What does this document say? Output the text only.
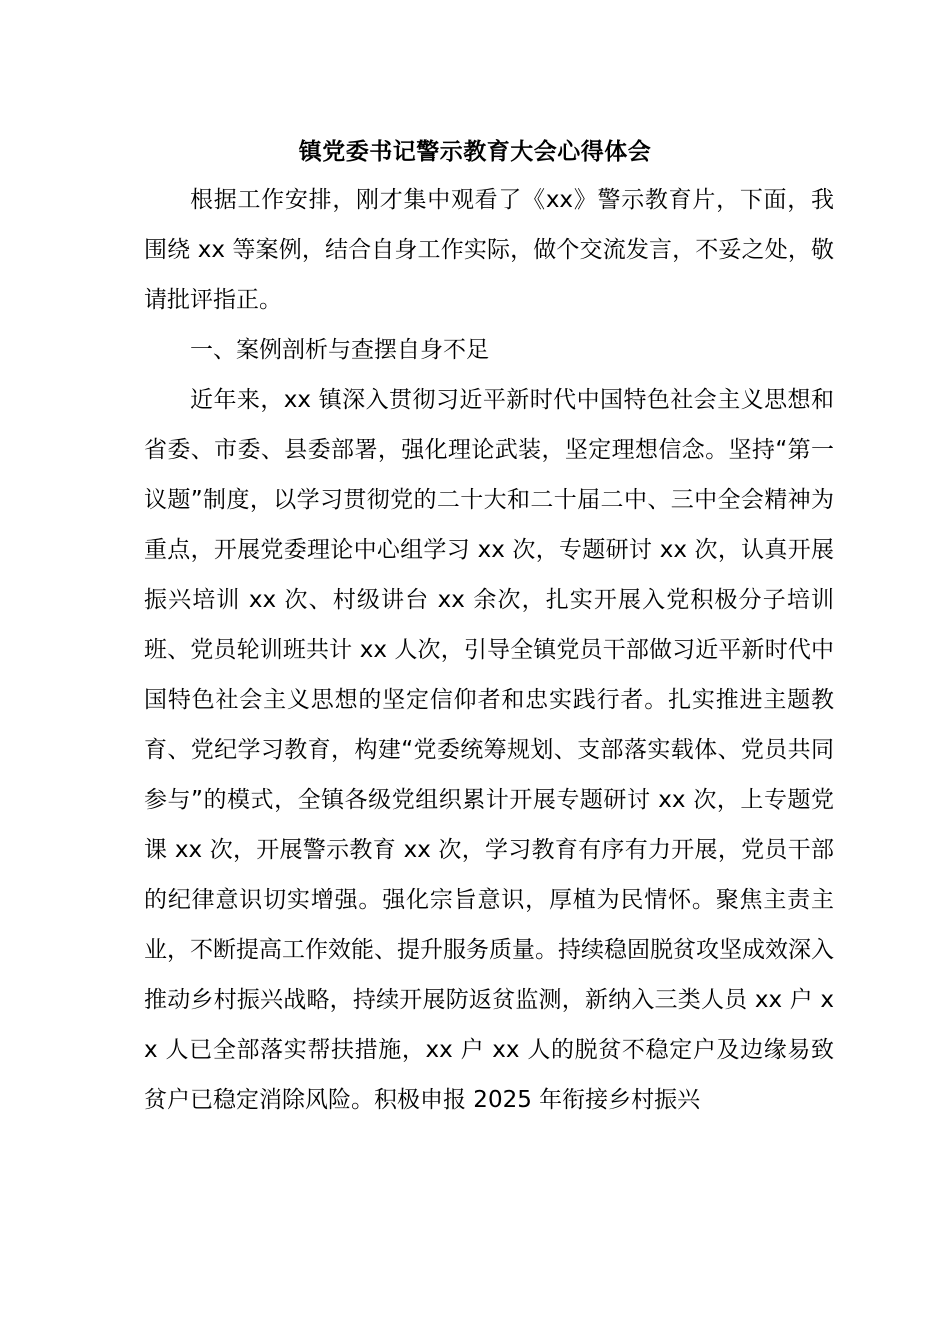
镇党委书记警示教育大会心得体会

根据工作安排，刚才集中观看了《xx》警示教育片，下面，我围绕 xx 等案例，结合自身工作实际，做个交流发言，不妥之处，敬请批评指正。

一、案例剖析与查摆自身不足

近年来，xx 镇深入贯彻习近平新时代中国特色社会主义思想和省委、市委、县委部署，强化理论武装，坚定理想信念。坚持“第一议题”制度，以学习贯彻党的二十大和二十届二中、三中全会精神为重点，开展党委理论中心组学习 xx 次，专题研讨 xx 次，认真开展振兴培训 xx 次、村级讲台 xx 余次，扎实开展入党积极分子培训班、党员轮训班共计 xx 人次，引导全镇党员干部做习近平新时代中国特色社会主义思想的坚定信仰者和忠实践行者。扎实推进主题教育、党纪学习教育，构建“党委统筹规划、支部落实载体、党员共同参与”的模式，全镇各级党组织累计开展专题研讨 xx 次，上专题党课 xx 次，开展警示教育 xx 次，学习教育有序有力开展，党员干部的纪律意识切实增强。强化宗旨意识，厚植为民情怀。聚焦主责主业，不断提高工作效能、提升服务质量。持续稳固脱贫攻坚成效深入推动乡村振兴战略，持续开展防返贫监测，新纳入三类人员 xx 户 xx 人已全部落实帮扶措施，xx 户 xx 人的脱贫不稳定户及边缘易致贫户已稳定消除风险。积极申报 2025 年衔接乡村振兴
